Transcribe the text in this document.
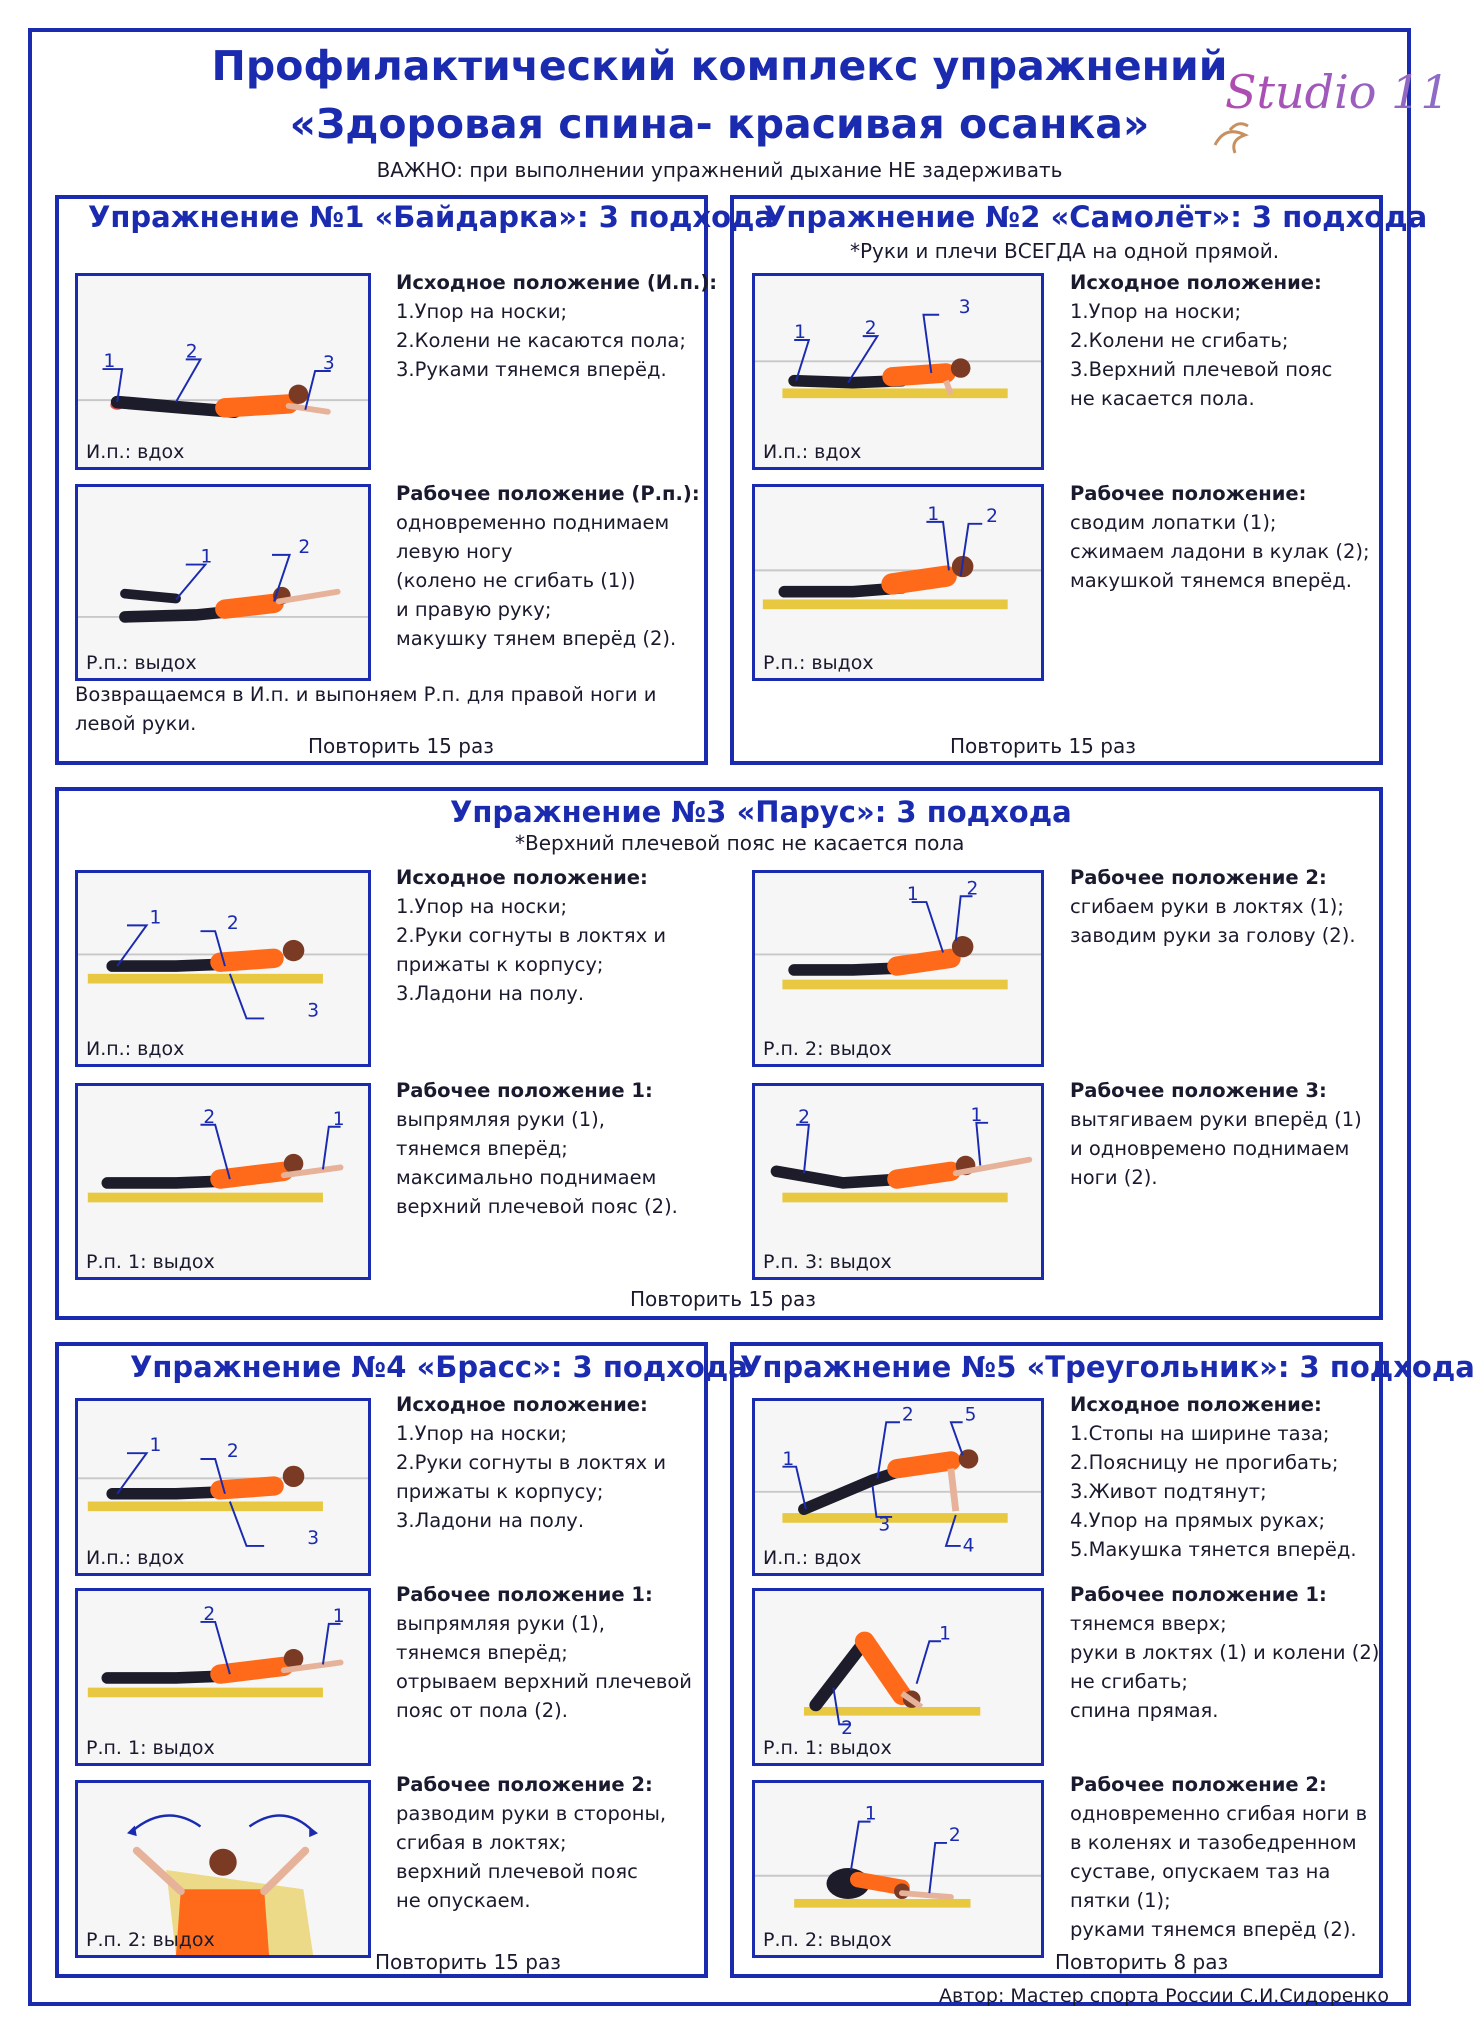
Профилактический комплекс упражнений
«Здоровая спина- красивая осанка»
ВАЖНО: при выполнении упражнений дыхание НЕ задерживать
Studio 11
Упражнение №1 «Байдарка»: 3 подхода
1	2
3
И.п.: вдох
Исходное положение (И.п.):
1.Упор на носки;
2.Колени не касаются пола;
3.Руками тянемся вперёд.
1	2
Р.п.: выдох
Рабочее положение (Р.п.):
одновременно поднимаем
левую ногу
(колено не сгибать (1))
и правую руку;
макушку тянем вперёд (2).
Возвращаемся в И.п. и выпоняем Р.п. для правой ноги и
левой руки.
Повторить 15 раз
Упражнение №2 «Самолёт»: 3 подхода
*Руки и плечи ВСЕГДА на одной прямой.
1	2
3
И.п.: вдох
Исходное положение:
1.Упор на носки;
2.Колени не сгибать;
3.Верхний плечевой пояс
не касается пола.
1 2
Р.п.: выдох
Рабочее положение:
сводим лопатки (1);
сжимаем ладони в кулак (2);
макушкой тянемся вперёд.
Повторить 15 раз
Упражнение №3 «Парус»: 3 подхода
*Верхний плечевой пояс не касается пола
1	2
3
И.п.: вдох
Исходное положение:
1.Упор на носки;
2.Руки согнуты в локтях и
прижаты к корпусу;
3.Ладони на полу.
2	1
Р.п. 1: выдох
Рабочее положение 1:
выпрямляя руки (1),
тянемся вперёд;
максимально поднимаем
верхний плечевой пояс (2).
1	2
Р.п. 2: выдох
Рабочее положение 2:
сгибаем руки в локтях (1);
заводим руки за голову (2).
2	1
Р.п. 3: выдох
Рабочее положение 3:
вытягиваем руки вперёд (1)
и одновремено поднимаем
ноги (2).
Повторить 15 раз
Упражнение №4 «Брасс»: 3 подхода
1	2
3
И.п.: вдох
Исходное положение:
1.Упор на носки;
2.Руки согнуты в локтях и
прижаты к корпусу;
3.Ладони на полу.
2	1
Р.п. 1: выдох
Рабочее положение 1:
выпрямляя руки (1),
тянемся вперёд;
отрываем верхний плечевой
пояс от пола (2).
Р.п. 2: выдох
Рабочее положение 2:
разводим руки в стороны,
сгибая в локтях;
верхний плечевой пояс
не опускаем.
Повторить 15 раз
Упражнение №5 «Треугольник»: 3 подхода
1
2
3
4
5
И.п.: вдох
Исходное положение:
1.Стопы на ширине таза;
2.Поясницу не прогибать;
3.Живот подтянут;
4.Упор на прямых руках;
5.Макушка тянется вперёд.
1
2
Р.п. 1: выдох
Рабочее положение 1:
тянемся вверх;
руки в локтях (1) и колени (2)
не сгибать;
спина прямая.
1
2
Р.п. 2: выдох
Рабочее положение 2:
одновременно сгибая ноги в
в коленях и тазобедренном
суставе, опускаем таз на
пятки (1);
руками тянемся вперёд (2).
Повторить 8 раз
Автор: Мастер спорта России С.И.Сидоренко
